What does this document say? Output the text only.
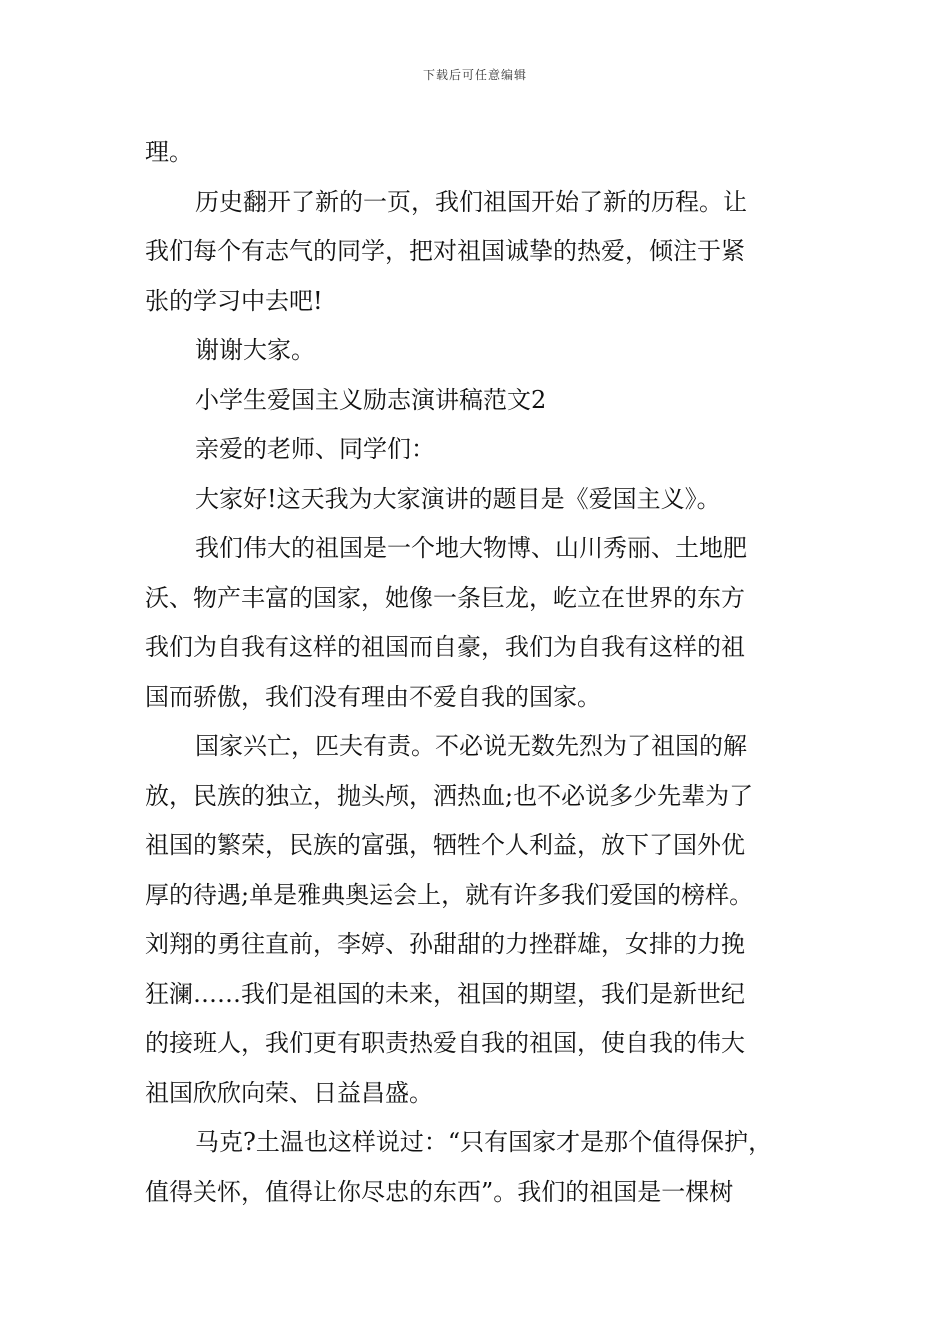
下载后可任意编辑
理。
历史翻开了新的一页，我们祖国开始了新的历程。让
我们每个有志气的同学，把对祖国诚挚的热爱，倾注于紧
张的学习中去吧!
谢谢大家。
小学生爱国主义励志演讲稿范文2
亲爱的老师、同学们：
大家好!这天我为大家演讲的题目是《爱国主义》。
我们伟大的祖国是一个地大物博、山川秀丽、土地肥
沃、物产丰富的国家，她像一条巨龙，屹立在世界的东方
我们为自我有这样的祖国而自豪，我们为自我有这样的祖
国而骄傲，我们没有理由不爱自我的国家。
国家兴亡，匹夫有责。不必说无数先烈为了祖国的解
放，民族的独立，抛头颅，洒热血;也不必说多少先辈为了
祖国的繁荣，民族的富强，牺牲个人利益，放下了国外优
厚的待遇;单是雅典奥运会上，就有许多我们爱国的榜样。
刘翔的勇往直前，李婷、孙甜甜的力挫群雄，女排的力挽
狂澜……我们是祖国的未来，祖国的期望，我们是新世纪
的接班人，我们更有职责热爱自我的祖国，使自我的伟大
祖国欣欣向荣、日益昌盛。
马克?土温也这样说过：“只有国家才是那个值得保护，
值得关怀，值得让你尽忠的东西”。我们的祖国是一棵树
